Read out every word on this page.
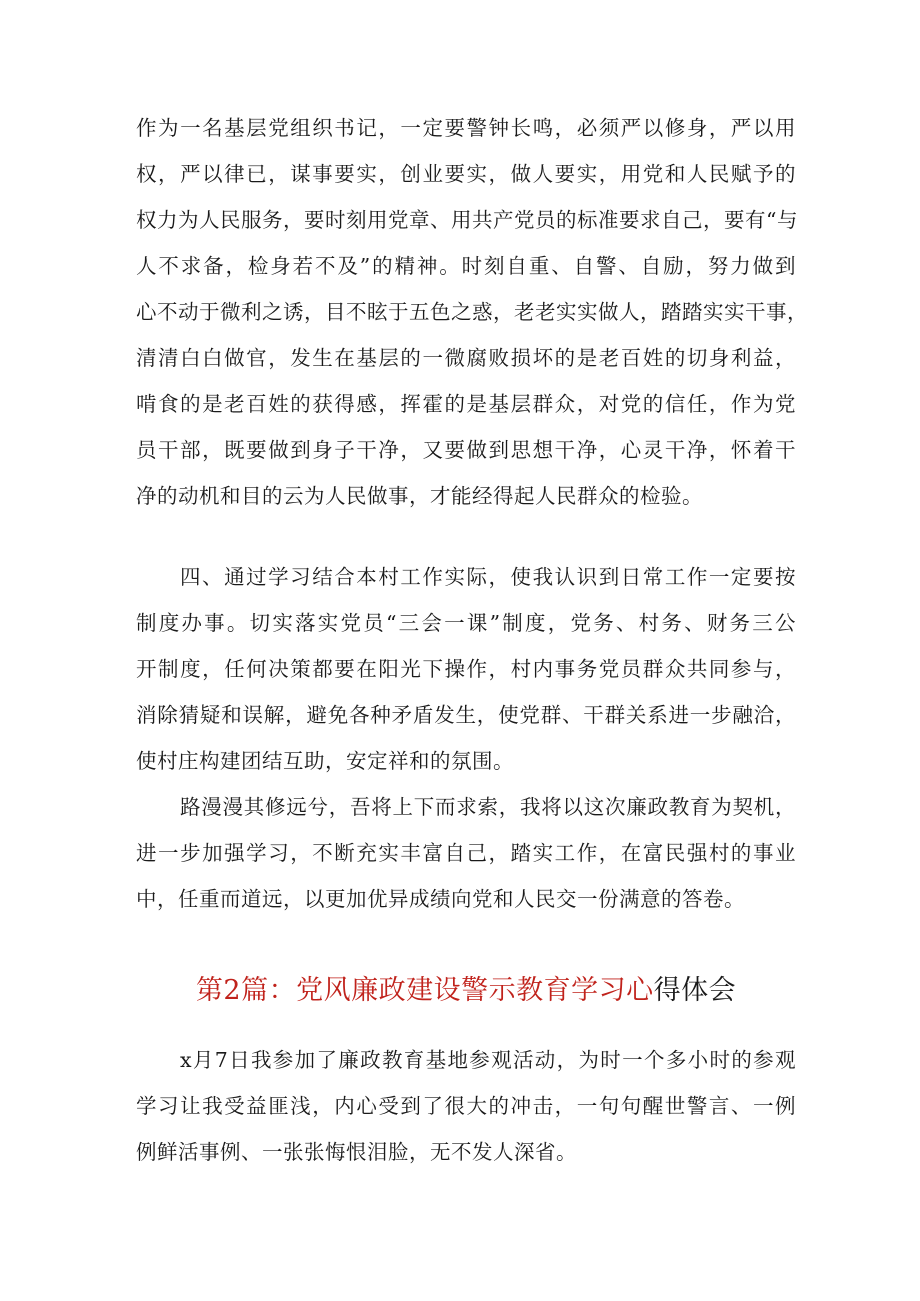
作为一名基层党组织书记，一定要警钟长鸣，必须严以修身，严以用
权，严以律已，谋事要实，创业要实，做人要实，用党和人民赋予的
权力为人民服务，要时刻用党章、用共产党员的标准要求自己，要有“与
人不求备，检身若不及”的精神。时刻自重、自警、自励，努力做到
心不动于微利之诱，目不眩于五色之惑，老老实实做人，踏踏实实干事，
清清白白做官，发生在基层的一微腐败损坏的是老百姓的切身利益，
啃食的是老百姓的获得感，挥霍的是基层群众，对党的信任，作为党
员干部，既要做到身子干净，又要做到思想干净，心灵干净，怀着干
净的动机和目的云为人民做事，才能经得起人民群众的检验。
四、通过学习结合本村工作实际，使我认识到日常工作一定要按
制度办事。切实落实党员“三会一课”制度，党务、村务、财务三公
开制度，任何决策都要在阳光下操作，村内事务党员群众共同参与，
消除猜疑和误解，避免各种矛盾发生，使党群、干群关系进一步融洽，
使村庄构建团结互助，安定祥和的氛围。
路漫漫其修远兮，吾将上下而求索，我将以这次廉政教育为契机，
进一步加强学习，不断充实丰富自己，踏实工作，在富民强村的事业
中，任重而道远，以更加优异成绩向党和人民交一份满意的答卷。
第2篇：党风廉政建设警示教育学习心得体会
x月7日我参加了廉政教育基地参观活动，为时一个多小时的参观
学习让我受益匪浅，内心受到了很大的冲击，一句句醒世警言、一例
例鲜活事例、一张张悔恨泪脸，无不发人深省。
